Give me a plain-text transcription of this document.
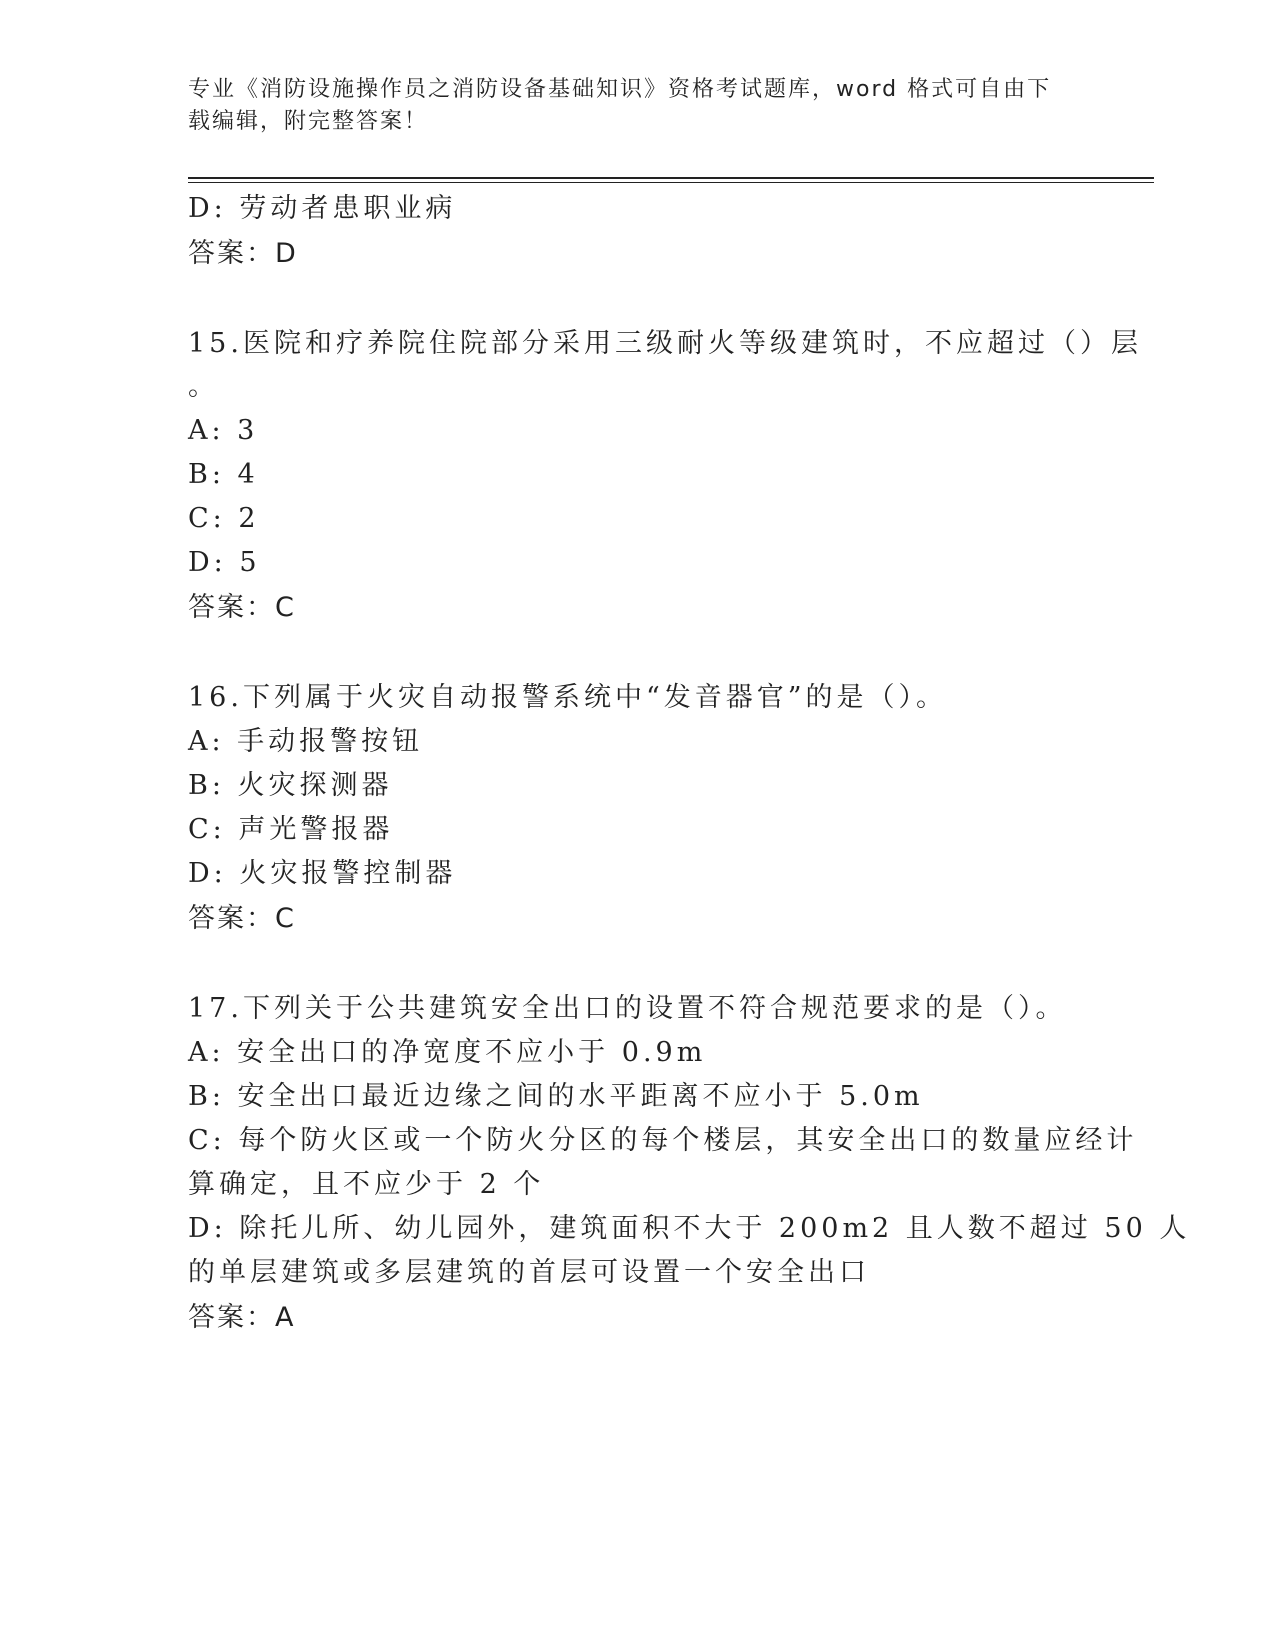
专业《消防设施操作员之消防设备基础知识》资格考试题库，word 格式可自由下
载编辑，附完整答案！
D: 劳动者患职业病
答案：D
15.医院和疗养院住院部分采用三级耐火等级建筑时，不应超过（）层
。
A: 3
B: 4
C: 2
D: 5
答案：C
16.下列属于火灾自动报警系统中“发音器官”的是（）。
A: 手动报警按钮
B: 火灾探测器
C: 声光警报器
D: 火灾报警控制器
答案：C
17.下列关于公共建筑安全出口的设置不符合规范要求的是（）。
A: 安全出口的净宽度不应小于 0.9m
B: 安全出口最近边缘之间的水平距离不应小于 5.0m
C: 每个防火区或一个防火分区的每个楼层，其安全出口的数量应经计
算确定，且不应少于 2 个
D: 除托儿所、幼儿园外，建筑面积不大于 200m2 且人数不超过 50 人
的单层建筑或多层建筑的首层可设置一个安全出口
答案：A
